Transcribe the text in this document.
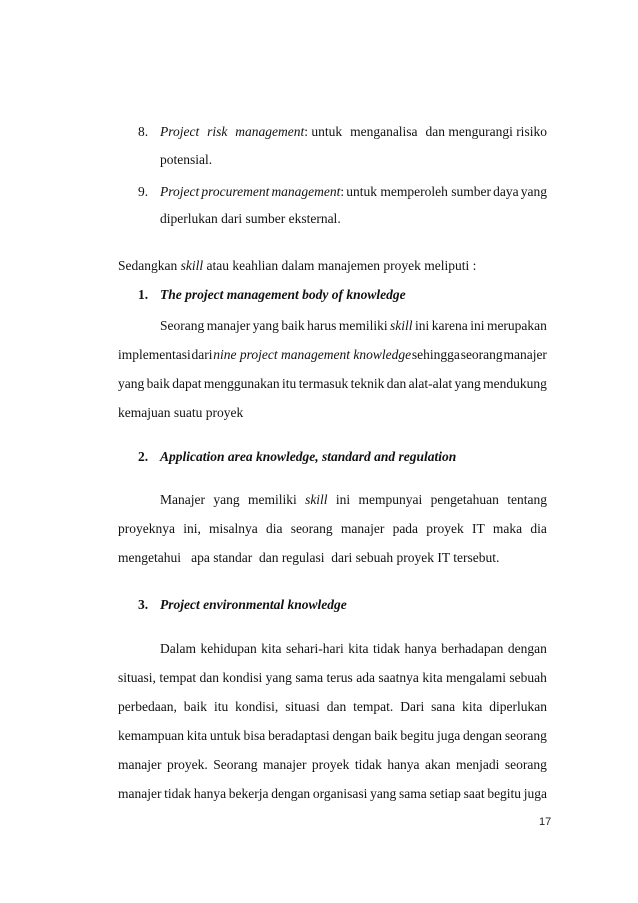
8. Project risk management: untuk menganalisa dan mengurangi risiko
potensial.
9. Project procurement management: untuk memperoleh sumber daya yang
diperlukan dari sumber eksternal.
Sedangkan skill atau keahlian dalam manajemen proyek meliputi :
1. The project management body of knowledge
Seorang manajer yang baik harus memiliki skill ini karena ini merupakan
implementasi dari nine project management knowledge sehingga seorang manajer
yang baik dapat menggunakan itu termasuk teknik dan alat-alat yang mendukung
kemajuan suatu proyek
2. Application area knowledge, standard and regulation
Manajer yang memiliki skill ini mempunyai pengetahuan tentang
proyeknya ini, misalnya dia seorang manajer pada proyek IT maka dia
mengetahui   apa standar  dan regulasi  dari sebuah proyek IT tersebut.
3. Project environmental knowledge
Dalam kehidupan kita sehari-hari kita tidak hanya berhadapan dengan
situasi, tempat dan kondisi yang sama terus ada saatnya kita mengalami sebuah
perbedaan, baik itu kondisi, situasi dan tempat. Dari sana kita diperlukan
kemampuan kita untuk bisa beradaptasi dengan baik begitu juga dengan seorang
manajer proyek. Seorang manajer proyek tidak hanya akan menjadi seorang
manajer tidak hanya bekerja dengan organisasi yang sama setiap saat begitu juga
17
